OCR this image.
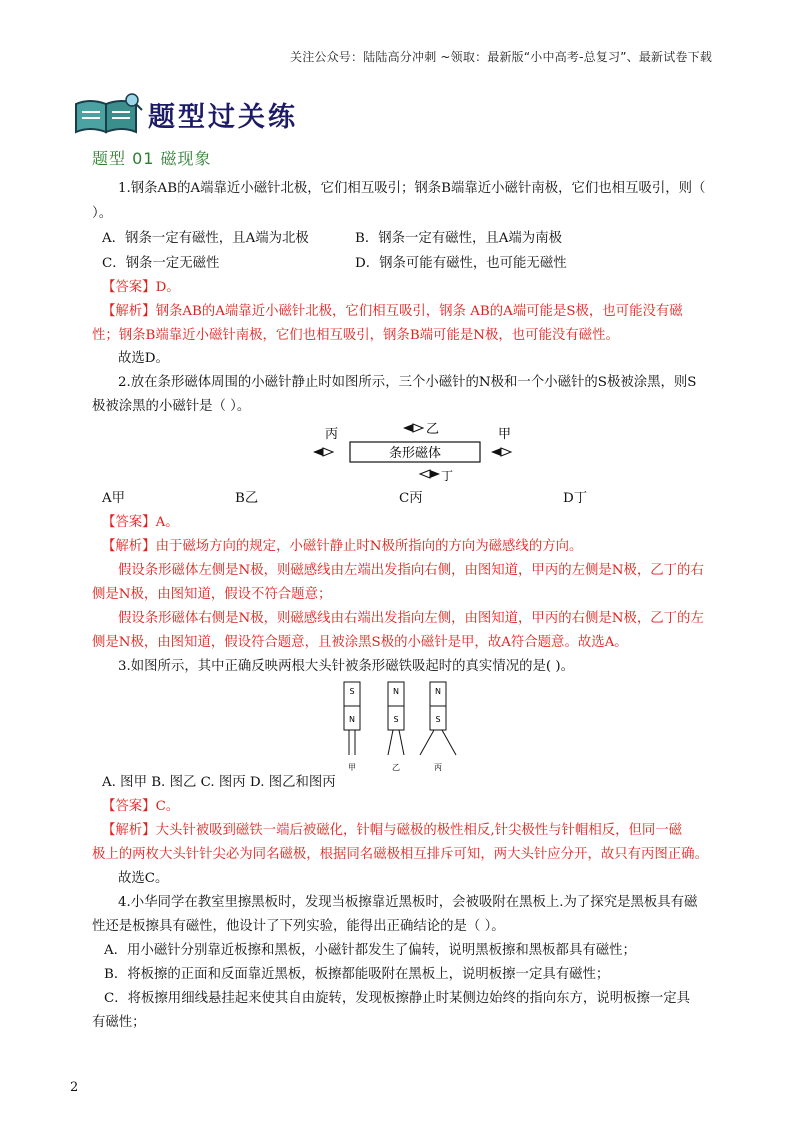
关注公众号：陆陆高分冲刺 ~领取：最新版“小中高考-总复习”、最新试卷下载
题型过关练
题型 01 磁现象
1.钢条AB的A端靠近小磁针北极，它们相互吸引；钢条B端靠近小磁针南极，它们也相互吸引，则（
）。
A．钢条一定有磁性，且A端为北极	B．钢条一定有磁性，且A端为南极
C．钢条一定无磁性	D．钢条可能有磁性，也可能无磁性
【答案】D。
【解析】钢条AB的A端靠近小磁针北极，它们相互吸引，钢条 AB的A端可能是S极，也可能没有磁
性；钢条B端靠近小磁针南极，它们也相互吸引，钢条B端可能是N极，也可能没有磁性。
故选D。
2.放在条形磁体周围的小磁针静止时如图所示，三个小磁针的N极和一个小磁针的S极被涂黑，则S
极被涂黑的小磁针是（ ）。
条形磁体
丙	甲
乙
丁
A甲	B乙	C丙	D丁
【答案】A。
【解析】由于磁场方向的规定，小磁针静止时N极所指向的方向为磁感线的方向。
假设条形磁体左侧是N极，则磁感线由左端出发指向右侧，由图知道，甲丙的左侧是N极，乙丁的右
侧是N极，由图知道，假设不符合题意；
假设条形磁体右侧是N极，则磁感线由右端出发指向左侧，由图知道，甲丙的右侧是N极，乙丁的左
侧是N极，由图知道，假设符合题意，且被涂黑S极的小磁针是甲，故A符合题意。故选A。
3.如图所示，其中正确反映两根大头针被条形磁铁吸起时的真实情况的是( )。
S
N
N
S
N
S
甲	乙	丙
A. 图甲 B. 图乙 C. 图丙 D. 图乙和图丙
【答案】C。
【解析】大头针被吸到磁铁一端后被磁化，针帽与磁极的极性相反,针尖极性与针帽相反，但同一磁
极上的两枚大头针针尖必为同名磁极，根据同名磁极相互排斥可知，两大头针应分开，故只有丙图正确。
故选C。
4.小华同学在教室里擦黑板时，发现当板擦靠近黑板时，会被吸附在黑板上.为了探究是黑板具有磁
性还是板擦具有磁性，他设计了下列实验，能得出正确结论的是（ ）。
A．用小磁针分别靠近板擦和黑板，小磁针都发生了偏转，说明黑板擦和黑板都具有磁性；
B．将板擦的正面和反面靠近黑板，板擦都能吸附在黑板上，说明板擦一定具有磁性；
C．将板擦用细线悬挂起来使其自由旋转，发现板擦静止时某侧边始终的指向东方，说明板擦一定具
有磁性；
2
